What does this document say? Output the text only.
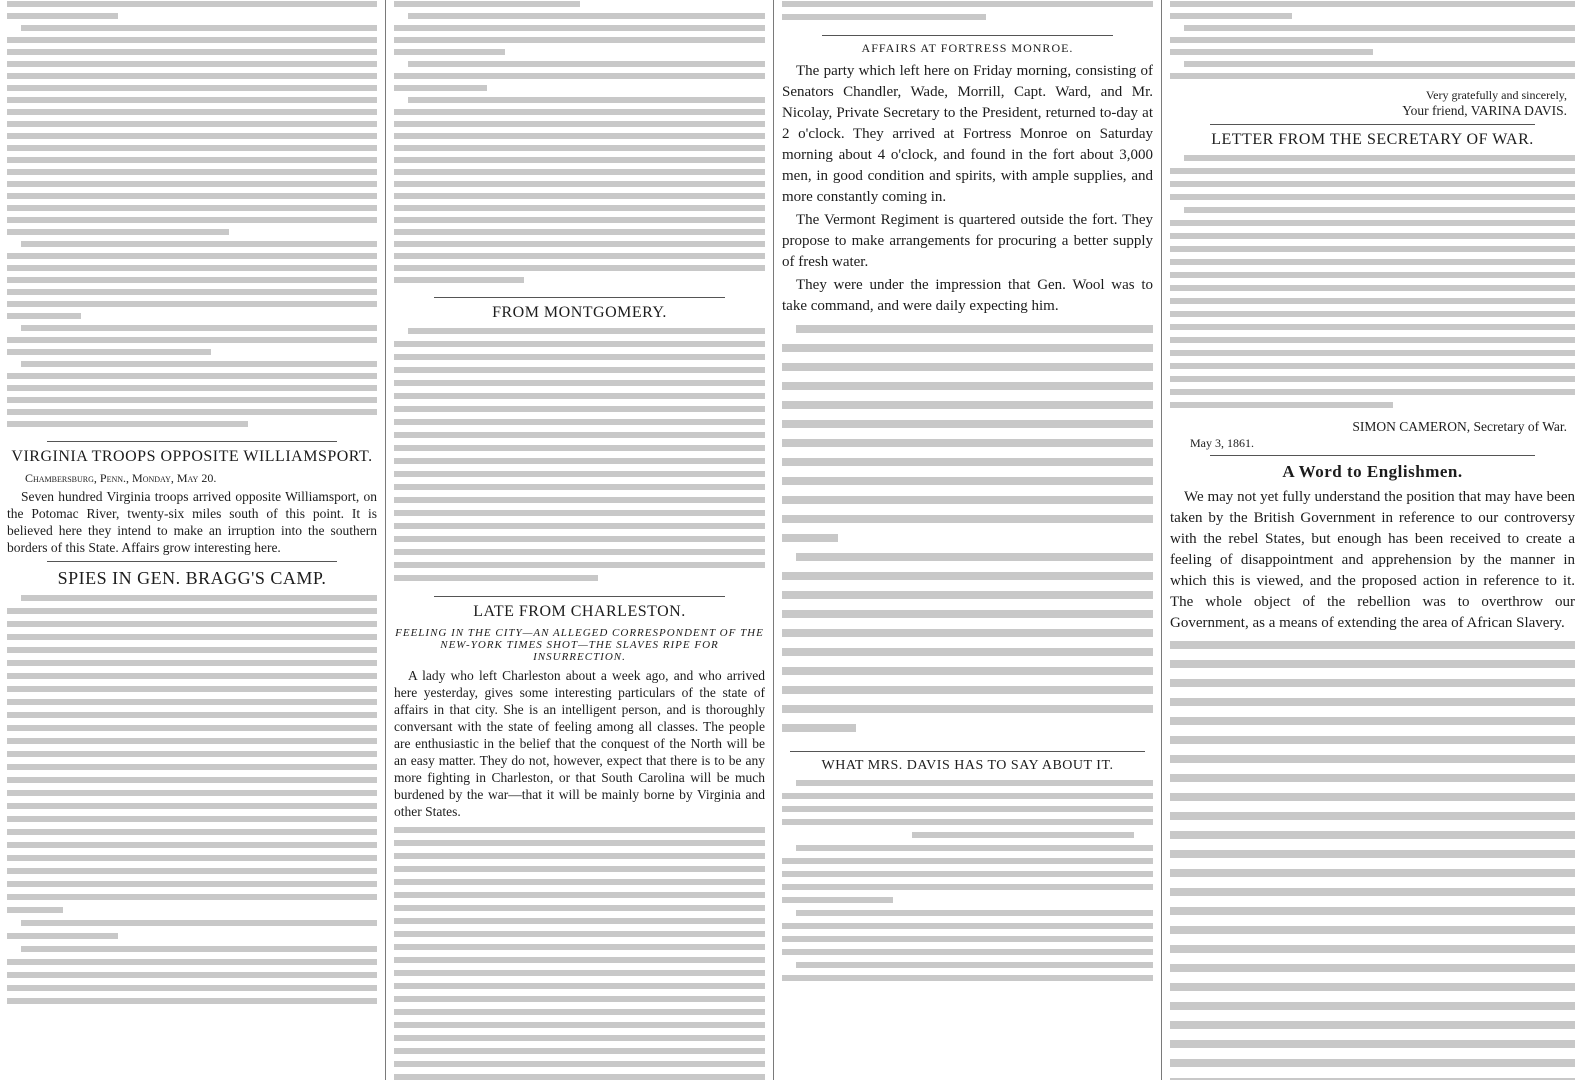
VIRGINIA TROOPS OPPOSITE WILLIAMSPORT.
Chambersburg, Penn., Monday, May 20.

Seven hundred Virginia troops arrived opposite Williamsport, on the Potomac River, twenty-six miles south of this point. It is believed here they intend to make an irruption into the southern borders of this State. Affairs grow interesting here.

SPIES IN GEN. BRAGG'S CAMP.
FROM MONTGOMERY.
LATE FROM CHARLESTON.
FEELING IN THE CITY—AN ALLEGED CORRESPONDENT OF THE NEW-YORK TIMES SHOT—THE SLAVES RIPE FOR INSURRECTION.

A lady who left Charleston about a week ago, and who arrived here yesterday, gives some interesting particulars of the state of affairs in that city. She is an intelligent person, and is thoroughly conversant with the state of feeling among all classes. The people are enthusiastic in the belief that the conquest of the North will be an easy matter. They do not, however, expect that there is to be any more fighting in Charleston, or that South Carolina will be much burdened by the war—that it will be mainly borne by Virginia and other States.

AFFAIRS AT FORTRESS MONROE.

The party which left here on Friday morning, consisting of Senators Chandler, Wade, Morrill, Capt. Ward, and Mr. Nicolay, Private Secretary to the President, returned to-day at 2 o'clock. They arrived at Fortress Monroe on Saturday morning about 4 o'clock, and found in the fort about 3,000 men, in good condition and spirits, with ample supplies, and more constantly coming in.

The Vermont Regiment is quartered outside the fort. They propose to make arrangements for procuring a better supply of fresh water.

They were under the impression that Gen. Wool was to take command, and were daily expecting him.

WHAT MRS. DAVIS HAS TO SAY ABOUT IT.

Very gratefully and sincerely,

Your friend, VARINA DAVIS.

LETTER FROM THE SECRETARY OF WAR.

SIMON CAMERON, Secretary of War.

May 3, 1861.

A Word to Englishmen.

We may not yet fully understand the position that may have been taken by the British Government in reference to our controversy with the rebel States, but enough has been received to create a feeling of disappointment and apprehension by the manner in which this is viewed, and the proposed action in reference to it. The whole object of the rebellion was to overthrow our Government, as a means of extending the area of African Slavery.
